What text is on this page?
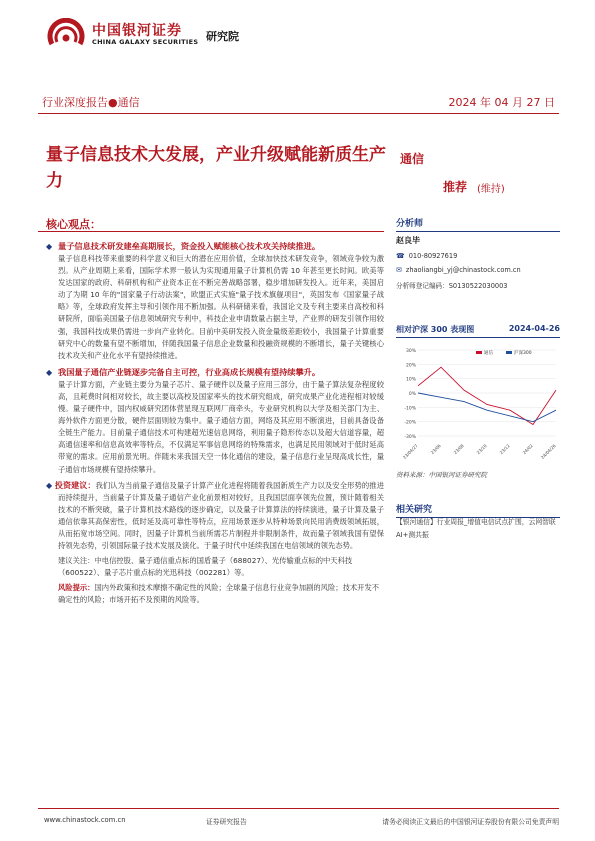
中国银河证券
CHINA GALAXY SECURITIES 研究院
行业深度报告●通信	2024 年 04 月 27 日
量子信息技术大发展，产业升级赋能新质生产力
通信
推荐 (维持)
核心观点：
◆ 量子信息技术研发建垒高期展长，资金投入赋能核心技术攻关持续推进。

量子信息科技带来重要的科学意义和巨大的潜在应用价值，全球加快技术研发竞争，领域竞争较为激烈。从产业周期上来看，国际学术界一般认为实现通用量子计算机仍需 10 年甚至更长时间。欧美等发达国家的政府、科研机构和产业资本正在不断完善战略部署，稳步增加研发投入。近年来，美国启动了为期 10 年的"国家量子行动法案"，欧盟正式实施"量子技术旗舰项目"，英国发布《国家量子战略》等，全球政府发挥主导和引领作用不断加强。从科研储来看，我国论文及专利主要来自高校和科研院所，面临美国量子信息领域研究专利中，科技企业申请数量占据主导，产业界的研发引领作用较强，我国科技成果仍需进一步向产业转化。目前中美研发投入资金量级差距较小，我国量子计算重要研究中心的数量有望不断增加，伴随我国量子信息企业数量和投融资规模的不断增长，量子关键核心技术攻关和产业化水平有望持续推进。

◆ 我国量子通信产业链逐步完备自主可控，行业高成长规模有望持续攀升。

量子计算方面，产业链主要分为量子芯片、量子硬件以及量子应用三部分，由于量子算法复杂程度较高，且耗费时间相对较长，故主要以高校及国家率头的技术研究组成，研究成果产业化进程相对较缓慢。量子硬件中，国内权威研究团体营星现互联网厂商牵头，专业研究机构以大学及相关部门为主、海外软件方面更分散，硬件层面则较为集中。量子通信方面，网络及其应用不断演进，目前具备设备全链生产能力。目前量子通信技术可构建超光速信息网络，利用量子隐形传态以及超大信道容量，超高通信速率和信息高效率等特点，不仅满足军事信息网络的特殊需求，也满足民用领域对于低时延高带宽的需求。应用前景光明。伴随未来我国天空一体化通信的建设，量子信息行业呈现高成长性，量子通信市场规模有望持续攀升。

◆ 投资建议：我们认为当前量子通信及量子计算产业化进程将随着我国新质生产力以及安全形势的推进而持续提升，当前量子计算及量子通信产业化前景相对较好，且我国层面享领先位置，预计随着相关技术的不断突破，量子计算机技术路线的逐步确定，以及量子计算算法的持续演进，量子计算及量子通信依靠其高保密性，低时延及高可靠性等特点，应用场景逐步从特种场景向民用消费级领域拓展，从而拓宽市场空间。同时，因量子计算机当前所需芯片制程并非限制条件，故而量子领域我国有望保持领先态势，引领国际量子技术发展及演化。于量子时代中延续我国在电信领域的领先态势。

建议关注：中电信控股、量子通信重点标的国盾量子（688027）、光传输重点标的中天科技（600522）、量子芯片重点标的光迅科技（002281）等。

风险提示：国内外政策和技术摩擦不确定性的风险；全球量子信息行业竞争加剧的风险；技术开发不确定性的风险；市场开拓不及预期的风险等。

分析师
赵良毕
☎ 010-80927619
✉ zhaoliangbi_yj@chinastock.com.cn
分析师登记编码：S0130522030003
相对沪深 300 表现图	2024-04-26
30%
20%
10%
0%
-10%
-20%
-30%
23/04/27	23/06	23/08	23/10	23/12	24/02 24/04/26
通信	沪深300
资料来源：中国银河证券研究院
相关研究
【银河通信】行业周报_增值电信试点扩围，云网智联 AI+测共振
www.chinastock.com.cn	证券研究报告	请务必阅读正文最后的中国银河证券股份有限公司免责声明
